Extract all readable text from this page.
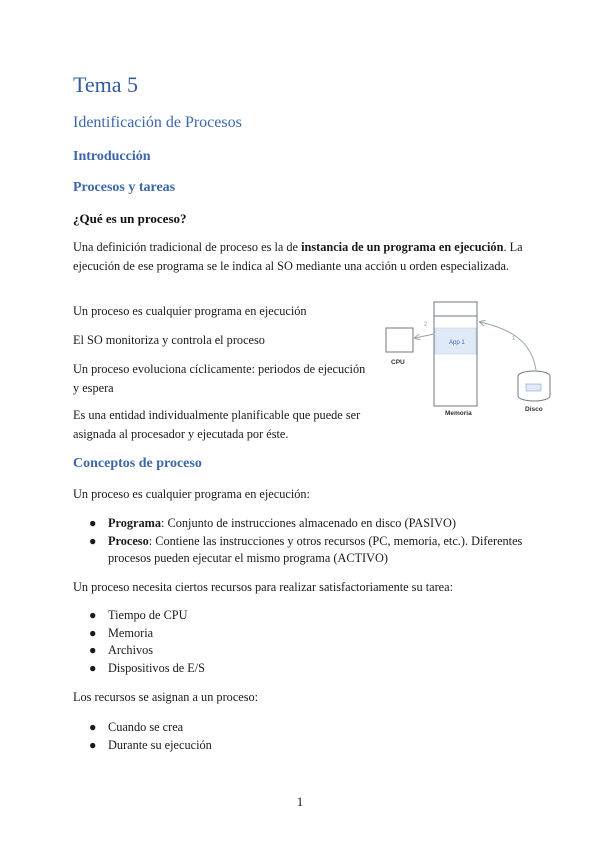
Tema 5
Identificación de Procesos
Introducción
Procesos y tareas
¿Qué es un proceso?

Una definición tradicional de proceso es la de instancia de un programa en ejecución. La ejecución de ese programa se le indica al SO mediante una acción u orden especializada.

Un proceso es cualquier programa en ejecución

El SO monitoriza y controla el proceso

Un proceso evoluciona cíclicamente: periodos de ejecución y espera

Es una entidad individualmente planificable que puede ser asignada al procesador y ejecutada por éste.

CPU
App 1
Memoria
2
1
Disco
Conceptos de proceso

Un proceso es cualquier programa en ejecución:

● Programa: Conjunto de instrucciones almacenado en disco (PASIVO)
● Proceso: Contiene las instrucciones y otros recursos (PC, memoria, etc.). Diferentes procesos pueden ejecutar el mismo programa (ACTIVO)

Un proceso necesita ciertos recursos para realizar satisfactoriamente su tarea:

● Tiempo de CPU
● Memoria
● Archivos
● Dispositivos de E/S

Los recursos se asignan a un proceso:

● Cuando se crea
● Durante su ejecución
1
